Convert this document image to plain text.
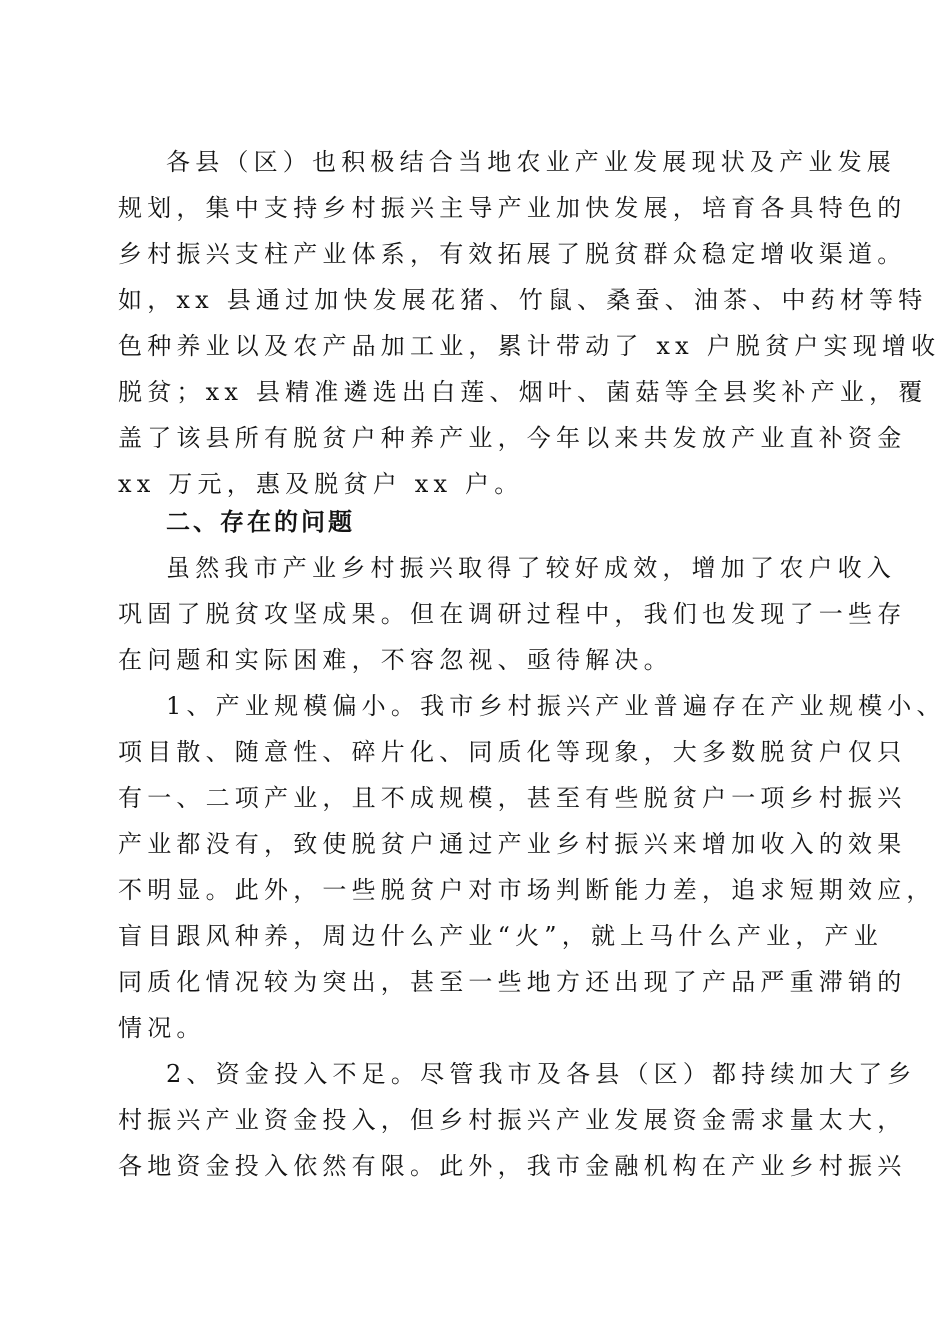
各县（区）也积极结合当地农业产业发展现状及产业发展
规划，集中支持乡村振兴主导产业加快发展，培育各具特色的
乡村振兴支柱产业体系，有效拓展了脱贫群众稳定增收渠道。
如，xx 县通过加快发展花猪、竹鼠、桑蚕、油茶、中药材等特
色种养业以及农产品加工业，累计带动了 xx 户脱贫户实现增收
脱贫；xx 县精准遴选出白莲、烟叶、菌菇等全县奖补产业，覆
盖了该县所有脱贫户种养产业，今年以来共发放产业直补资金
xx 万元，惠及脱贫户 xx 户。
二、存在的问题
虽然我市产业乡村振兴取得了较好成效，增加了农户收入
巩固了脱贫攻坚成果。但在调研过程中，我们也发现了一些存
在问题和实际困难，不容忽视、亟待解决。
1、产业规模偏小。我市乡村振兴产业普遍存在产业规模小、
项目散、随意性、碎片化、同质化等现象，大多数脱贫户仅只
有一、二项产业，且不成规模，甚至有些脱贫户一项乡村振兴
产业都没有，致使脱贫户通过产业乡村振兴来增加收入的效果
不明显。此外，一些脱贫户对市场判断能力差，追求短期效应，
盲目跟风种养，周边什么产业“火”，就上马什么产业，产业
同质化情况较为突出，甚至一些地方还出现了产品严重滞销的
情况。
2、资金投入不足。尽管我市及各县（区）都持续加大了乡
村振兴产业资金投入，但乡村振兴产业发展资金需求量太大，
各地资金投入依然有限。此外，我市金融机构在产业乡村振兴
